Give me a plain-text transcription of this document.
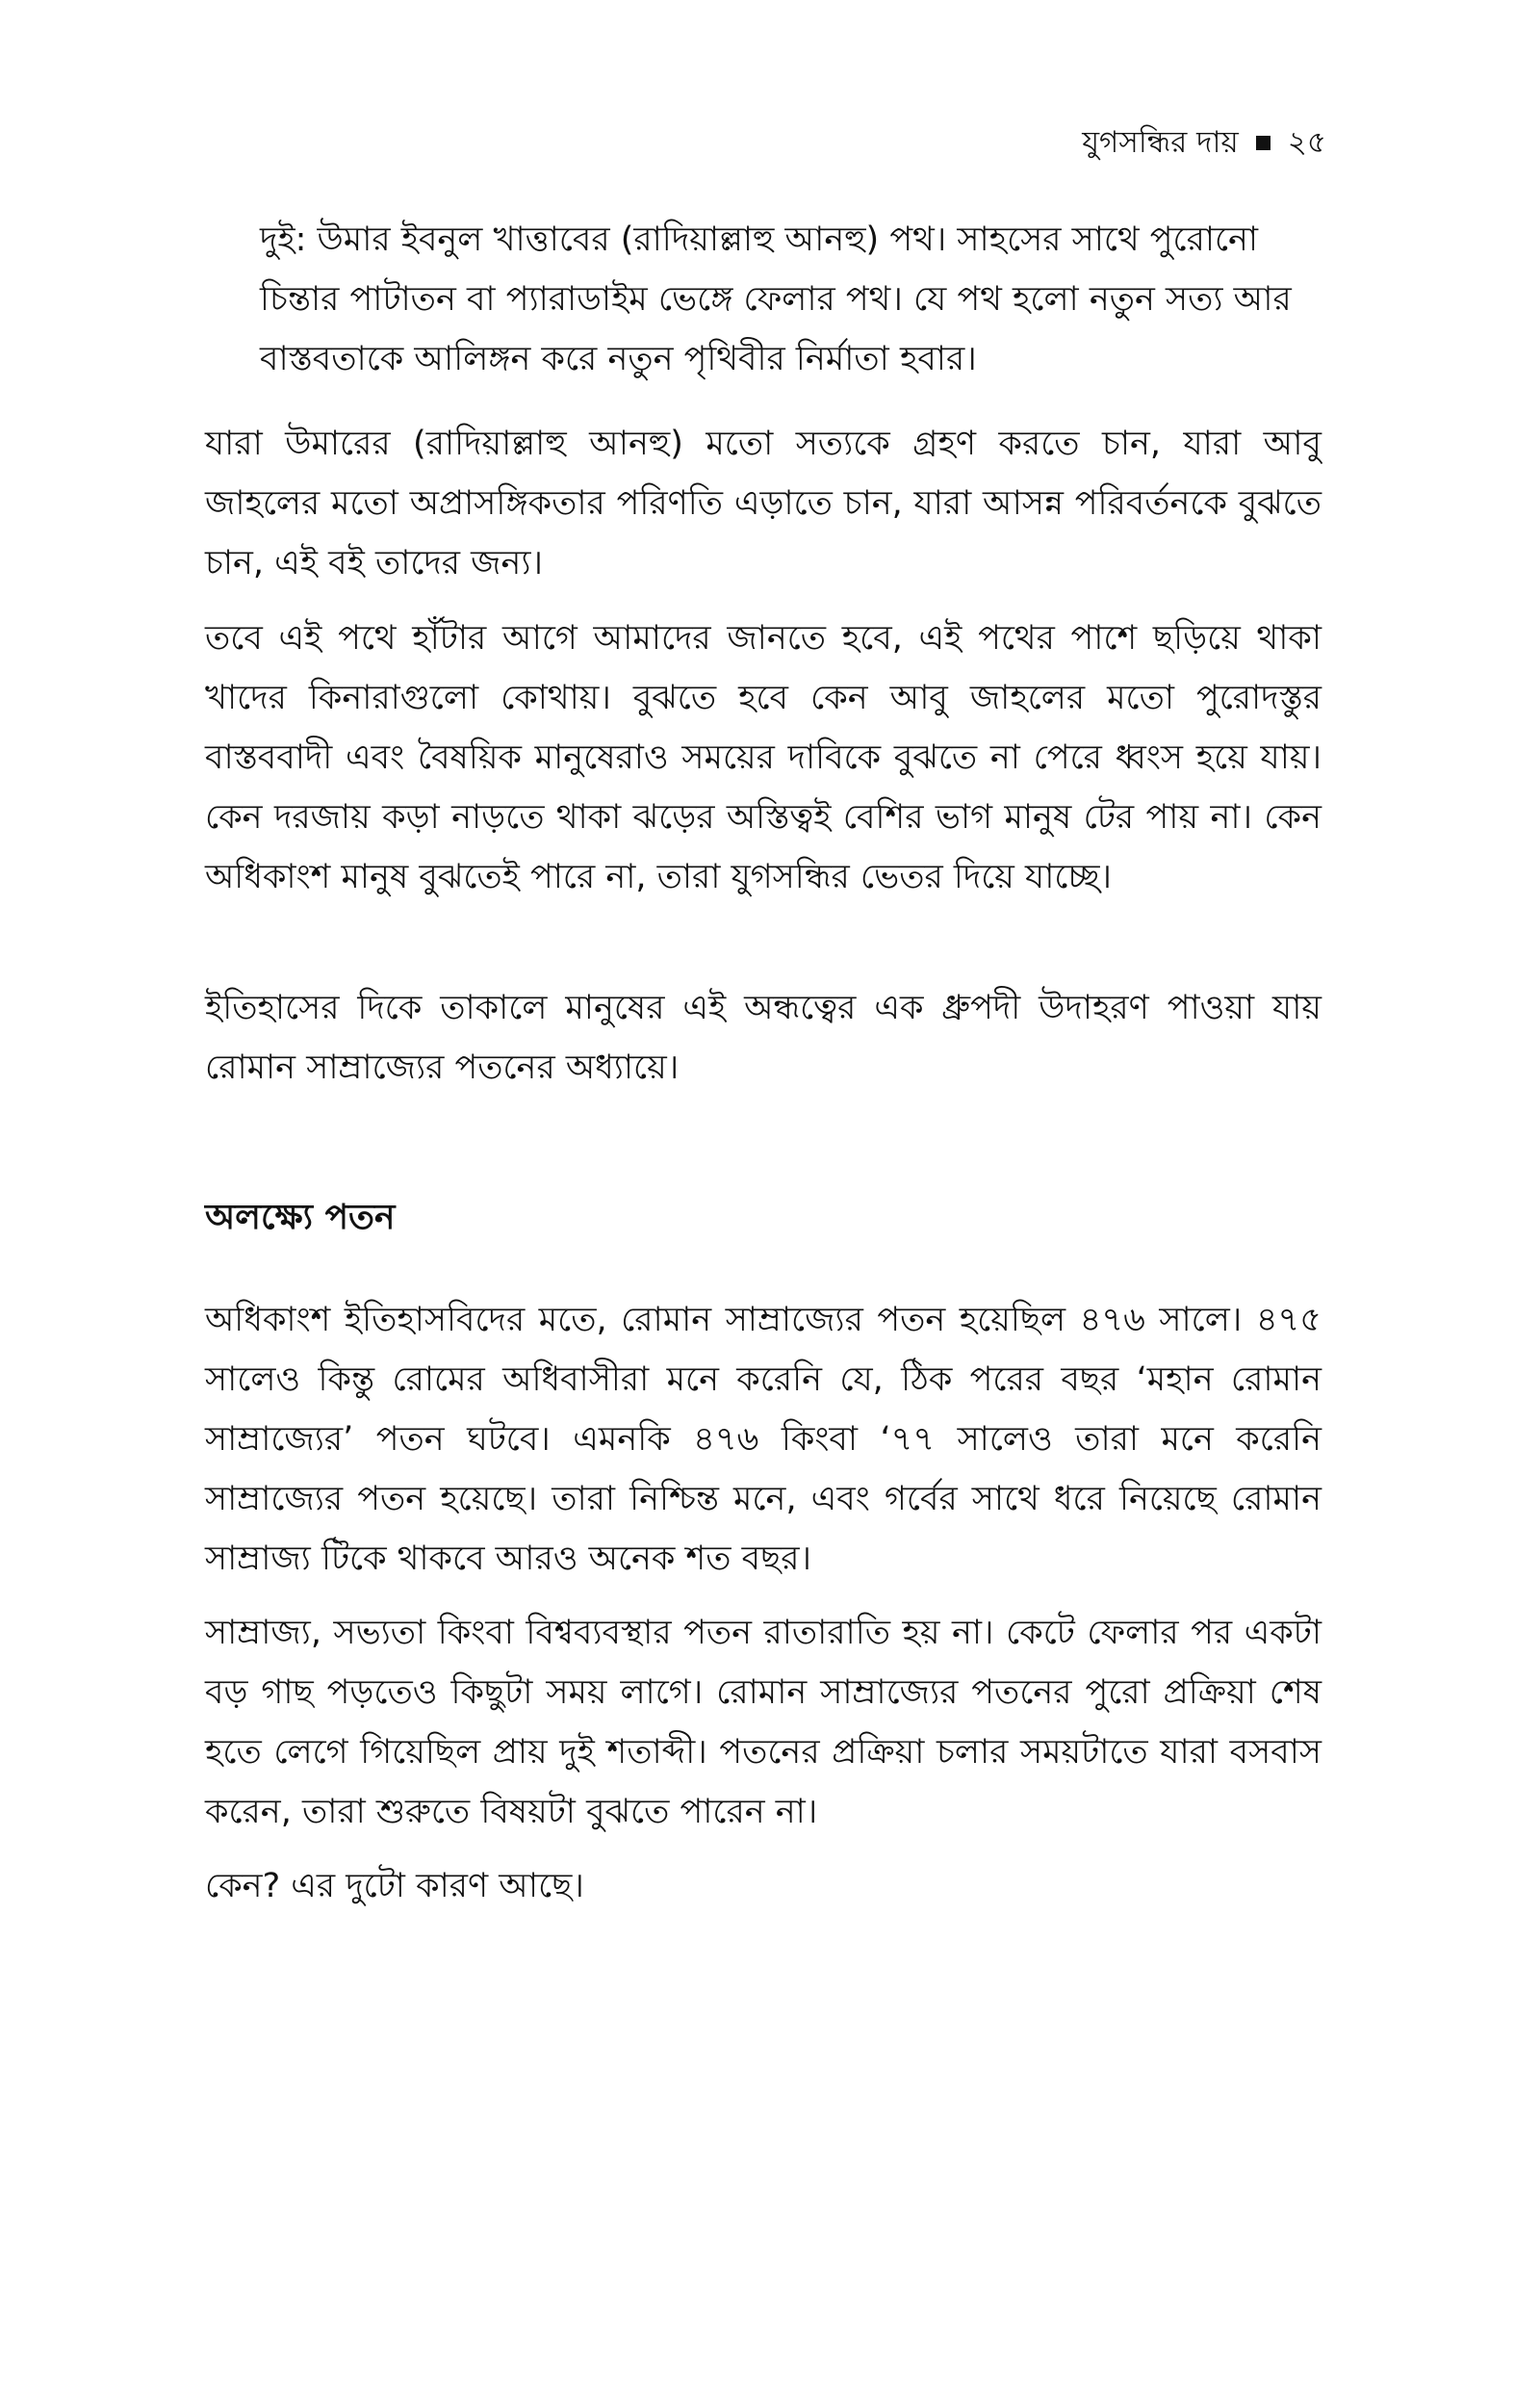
যুগসন্ধির দায় ২৫

দুই: উমার ইবনুল খাত্তাবের (রাদিয়াল্লাহু আনহু) পথ। সাহসের সাথে পুরোনো চিন্তার পাটাতন বা প্যারাডাইম ভেঙ্গে ফেলার পথ। যে পথ হলো নতুন সত্য আর বাস্তবতাকে আলিঙ্গন করে নতুন পৃথিবীর নির্মাতা হবার।

যারা উমারের (রাদিয়াল্লাহু আনহু) মতো সত্যকে গ্রহণ করতে চান, যারা আবু জাহলের মতো অপ্রাসঙ্গিকতার পরিণতি এড়াতে চান, যারা আসন্ন পরিবর্তনকে বুঝতে চান, এই বই তাদের জন্য।

তবে এই পথে হাঁটার আগে আমাদের জানতে হবে, এই পথের পাশে ছড়িয়ে থাকা খাদের কিনারাগুলো কোথায়। বুঝতে হবে কেন আবু জাহলের মতো পুরোদস্তুর বাস্তববাদী এবং বৈষয়িক মানুষেরাও সময়ের দাবিকে বুঝতে না পেরে ধ্বংস হয়ে যায়। কেন দরজায় কড়া নাড়তে থাকা ঝড়ের অস্তিত্বই বেশির ভাগ মানুষ টের পায় না। কেন অধিকাংশ মানুষ বুঝতেই পারে না, তারা যুগসন্ধির ভেতর দিয়ে যাচ্ছে।

ইতিহাসের দিকে তাকালে মানুষের এই অন্ধত্বের এক ধ্রুপদী উদাহরণ পাওয়া যায় রোমান সাম্রাজ্যের পতনের অধ্যায়ে।

অলক্ষ্যে পতন

অধিকাংশ ইতিহাসবিদের মতে, রোমান সাম্রাজ্যের পতন হয়েছিল ৪৭৬ সালে। ৪৭৫ সালেও কিন্তু রোমের অধিবাসীরা মনে করেনি যে, ঠিক পরের বছর ‘মহান রোমান সাম্রাজ্যের’ পতন ঘটবে। এমনকি ৪৭৬ কিংবা ‘৭৭ সালেও তারা মনে করেনি সাম্রাজ্যের পতন হয়েছে। তারা নিশ্চিন্ত মনে, এবং গর্বের সাথে ধরে নিয়েছে রোমান সাম্রাজ্য টিকে থাকবে আরও অনেক শত বছর।

সাম্রাজ্য, সভ্যতা কিংবা বিশ্বব্যবস্থার পতন রাতারাতি হয় না। কেটে ফেলার পর একটা বড় গাছ পড়তেও কিছুটা সময় লাগে। রোমান সাম্রাজ্যের পতনের পুরো প্রক্রিয়া শেষ হতে লেগে গিয়েছিল প্রায় দুই শতাব্দী। পতনের প্রক্রিয়া চলার সময়টাতে যারা বসবাস করেন, তারা শুরুতে বিষয়টা বুঝতে পারেন না।

কেন? এর দুটো কারণ আছে।
